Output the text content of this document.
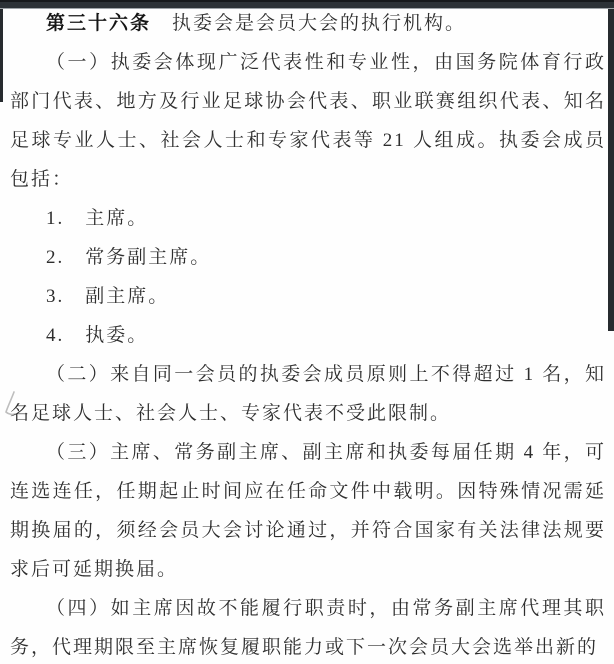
第三十六条　执委会是会员大会的执行机构。

（一）执委会体现广泛代表性和专业性，由国务院体育行政部门代表、地方及行业足球协会代表、职业联赛组织代表、知名足球专业人士、社会人士和专家代表等 21 人组成。执委会成员包括：

1.　主席。

2.　常务副主席。

3.　副主席。

4.　执委。

（二）来自同一会员的执委会成员原则上不得超过 1 名，知名足球人士、社会人士、专家代表不受此限制。

（三）主席、常务副主席、副主席和执委每届任期 4 年，可连选连任，任期起止时间应在任命文件中载明。因特殊情况需延期换届的，须经会员大会讨论通过，并符合国家有关法律法规要求后可延期换届。

（四）如主席因故不能履行职责时，由常务副主席代理其职务，代理期限至主席恢复履职能力或下一次会员大会选举出新的
